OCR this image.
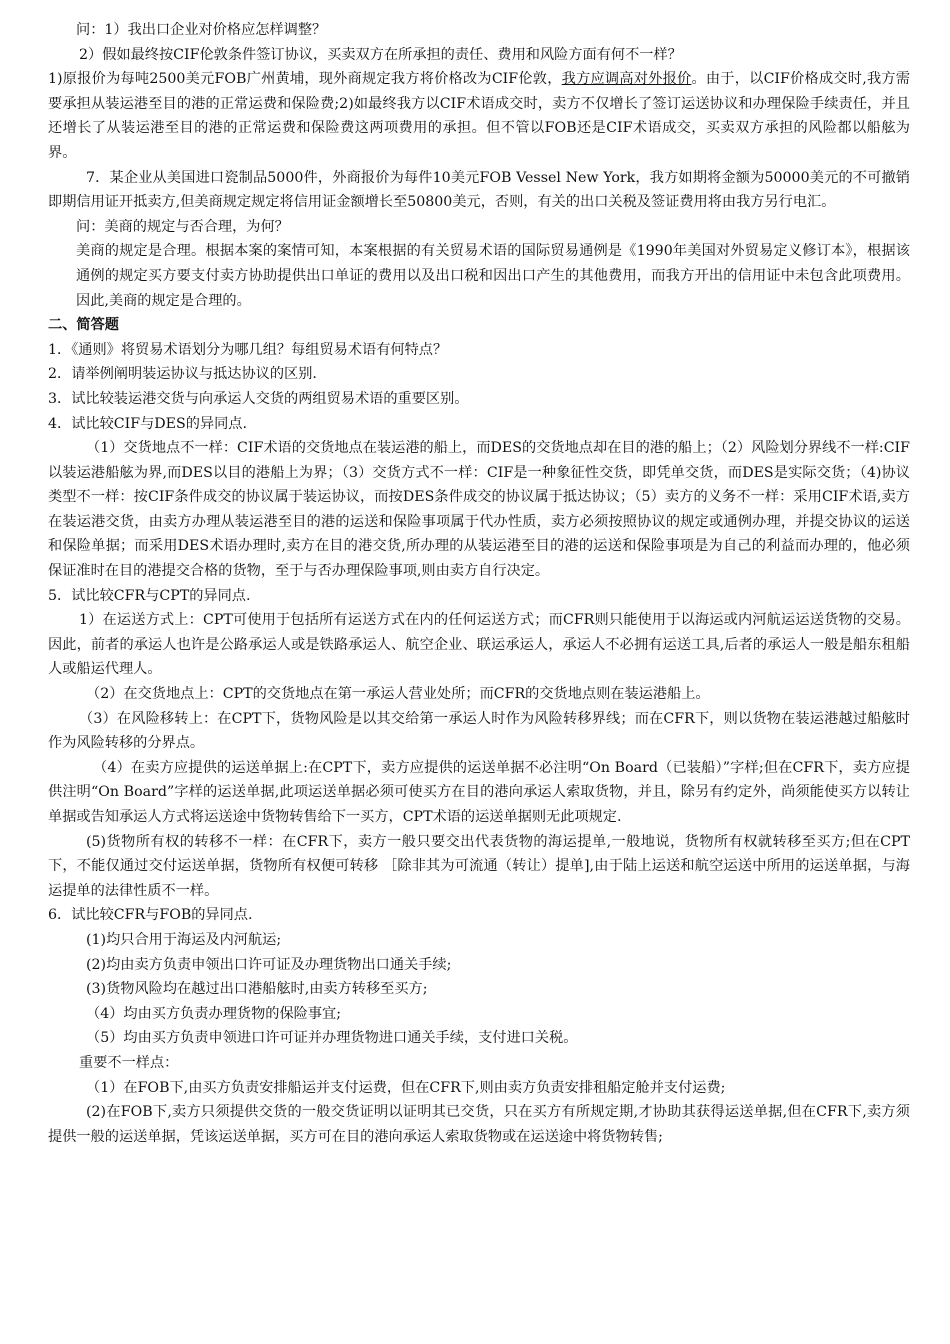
问：1）我出口企业对价格应怎样调整？

2）假如最终按CIF伦敦条件签订协议，买卖双方在所承担的责任、费用和风险方面有何不一样？

1)原报价为每吨2500美元FOB广州黄埔，现外商规定我方将价格改为CIF伦敦，我方应调高对外报价。由于，以CIF价格成交时,我方需要承担从装运港至目的港的正常运费和保险费;2)如最终我方以CIF术语成交时，卖方不仅增长了签订运送协议和办理保险手续责任，并且还增长了从装运港至目的港的正常运费和保险费这两项费用的承担。但不管以FOB还是CIF术语成交，买卖双方承担的风险都以船舷为界。

7．某企业从美国进口瓷制品5000件，外商报价为每件10美元FOB Vessel New York，我方如期将金额为50000美元的不可撤销即期信用证开抵卖方,但美商规定规定将信用证金额增长至50800美元，否则，有关的出口关税及签证费用将由我方另行电汇。

问：美商的规定与否合理，为何？

美商的规定是合理。根据本案的案情可知，本案根据的有关贸易术语的国际贸易通例是《1990年美国对外贸易定义修订本》，根据该通例的规定买方要支付卖方协助提供出口单证的费用以及出口税和因出口产生的其他费用，而我方开出的信用证中未包含此项费用。因此,美商的规定是合理的。

二、简答题

1．《通则》将贸易术语划分为哪几组？每组贸易术语有何特点？

2．请举例阐明装运协议与抵达协议的区别.

3．试比较装运港交货与向承运人交货的两组贸易术语的重要区别。

4．试比较CIF与DES的异同点.

（1）交货地点不一样：CIF术语的交货地点在装运港的船上，而DES的交货地点却在目的港的船上；（2）风险划分界线不一样:CIF以装运港船舷为界,而DES以目的港船上为界；（3）交货方式不一样：CIF是一种象征性交货，即凭单交货，而DES是实际交货；（4)协议类型不一样：按CIF条件成交的协议属于装运协议，而按DES条件成交的协议属于抵达协议；（5）卖方的义务不一样：采用CIF术语,卖方在装运港交货，由卖方办理从装运港至目的港的运送和保险事项属于代办性质，卖方必须按照协议的规定或通例办理，并提交协议的运送和保险单据；而采用DES术语办理时,卖方在目的港交货,所办理的从装运港至目的港的运送和保险事项是为自己的利益而办理的，他必须保证准时在目的港提交合格的货物，至于与否办理保险事项,则由卖方自行决定。

5．试比较CFR与CPT的异同点.

1）在运送方式上：CPT可使用于包括所有运送方式在内的任何运送方式；而CFR则只能使用于以海运或内河航运运送货物的交易。因此，前者的承运人也许是公路承运人或是铁路承运人、航空企业、联运承运人，承运人不必拥有运送工具,后者的承运人一般是船东租船人或船运代理人。

（2）在交货地点上：CPT的交货地点在第一承运人营业处所；而CFR的交货地点则在装运港船上。

（3）在风险移转上：在CPT下，货物风险是以其交给第一承运人时作为风险转移界线；而在CFR下，则以货物在装运港越过船舷时作为风险转移的分界点。

（4）在卖方应提供的运送单据上:在CPT下，卖方应提供的运送单据不必注明“On Board（已装船）”字样;但在CFR下，卖方应提供注明“On Board”字样的运送单据,此项运送单据必须可使买方在目的港向承运人索取货物，并且，除另有约定外，尚须能使买方以转让单据或告知承运人方式将运送途中货物转售给下一买方，CPT术语的运送单据则无此项规定.

(5)货物所有权的转移不一样：在CFR下，卖方一般只要交出代表货物的海运提单,一般地说，货物所有权就转移至买方;但在CPT下，不能仅通过交付运送单据，货物所有权便可转移 ［除非其为可流通（转让）提单],由于陆上运送和航空运送中所用的运送单据，与海运提单的法律性质不一样。

6．试比较CFR与FOB的异同点.

(1)均只合用于海运及内河航运;

(2)均由卖方负责申领出口许可证及办理货物出口通关手续;

(3)货物风险均在越过出口港船舷时,由卖方转移至买方;

（4）均由买方负责办理货物的保险事宜;

（5）均由买方负责申领进口许可证并办理货物进口通关手续，支付进口关税。

重要不一样点：

（1）在FOB下,由买方负责安排船运并支付运费，但在CFR下,则由卖方负责安排租船定舱并支付运费;

(2)在FOB下,卖方只须提供交货的一般交货证明以证明其已交货，只在买方有所规定期,才协助其获得运送单据,但在CFR下,卖方须提供一般的运送单据，凭该运送单据，买方可在目的港向承运人索取货物或在运送途中将货物转售;
